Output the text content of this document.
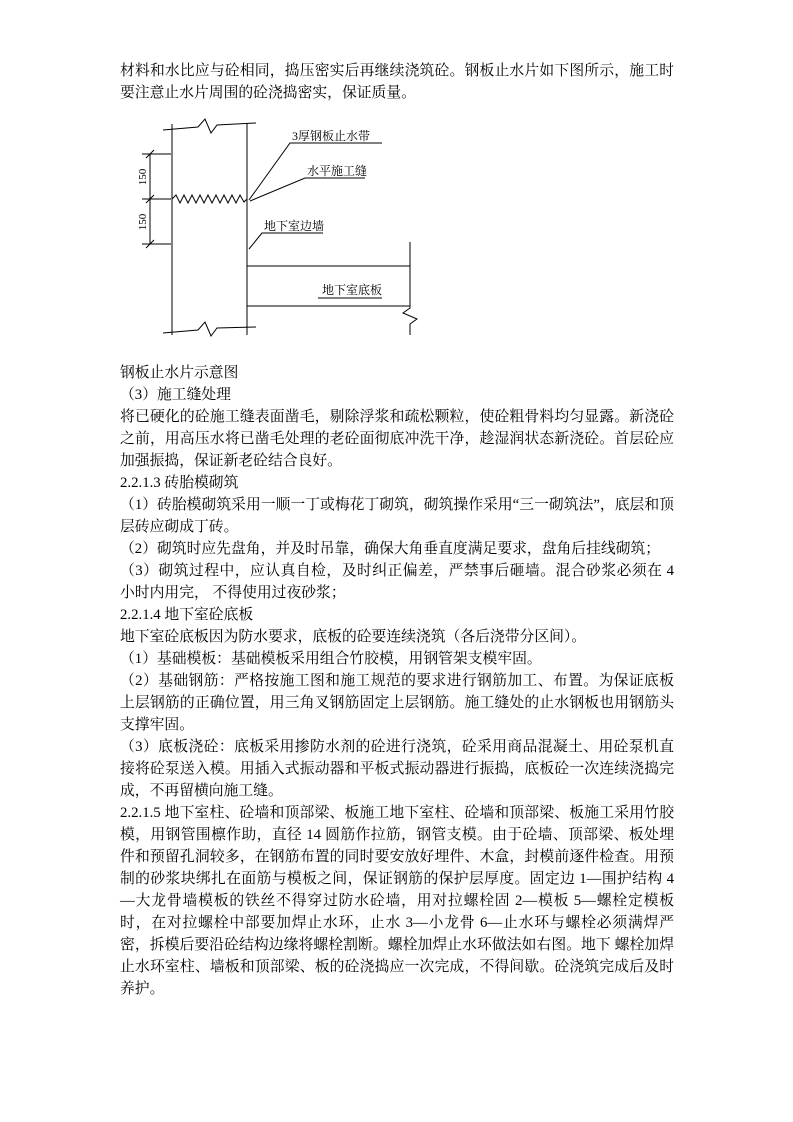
材料和水比应与砼相同，捣压密实后再继续浇筑砼。钢板止水片如下图所示，施工时要注意止水片周围的砼浇捣密实，保证质量。

3厚钢板止水带
水平施工缝
地下室边墙
地下室底板
150
150

钢板止水片示意图

（3）施工缝处理

将已硬化的砼施工缝表面凿毛，剔除浮浆和疏松颗粒，使砼粗骨料均匀显露。新浇砼之前，用高压水将已凿毛处理的老砼面彻底冲洗干净，趁湿润状态新浇砼。首层砼应加强振捣，保证新老砼结合良好。

2.2.1.3 砖胎模砌筑

（1）砖胎模砌筑采用一顺一丁或梅花丁砌筑，砌筑操作采用“三一砌筑法”，底层和顶层砖应砌成丁砖。

（2）砌筑时应先盘角，并及时吊靠，确保大角垂直度满足要求，盘角后挂线砌筑；

（3）砌筑过程中，应认真自检，及时纠正偏差，严禁事后砸墙。混合砂浆必须在 4 小时内用完， 不得使用过夜砂浆；

2.2.1.4 地下室砼底板

地下室砼底板因为防水要求，底板的砼要连续浇筑（各后浇带分区间）。

（1）基础模板：基础模板采用组合竹胶模，用钢管架支模牢固。

（2）基础钢筋：严格按施工图和施工规范的要求进行钢筋加工、布置。为保证底板上层钢筋的正确位置，用三角叉钢筋固定上层钢筋。施工缝处的止水钢板也用钢筋头支撑牢固。

（3）底板浇砼：底板采用掺防水剂的砼进行浇筑，砼采用商品混凝土、用砼泵机直接将砼泵送入模。用插入式振动器和平板式振动器进行振捣，底板砼一次连续浇捣完成，不再留横向施工缝。

2.2.1.5 地下室柱、砼墙和顶部梁、板施工地下室柱、砼墙和顶部梁、板施工采用竹胶模，用钢管围檩作助，直径 14 圆筋作拉筋，钢管支模。由于砼墙、顶部梁、板处埋件和预留孔洞较多，在钢筋布置的同时要安放好埋件、木盒，封模前逐件检查。用预制的砂浆块绑扎在面筋与模板之间，保证钢筋的保护层厚度。固定边 1—围护结构 4—大龙骨墙模板的铁丝不得穿过防水砼墙，用对拉螺栓固 2—模板 5—螺栓定模板时，在对拉螺栓中部要加焊止水环，止水 3—小龙骨 6—止水环与螺栓必须满焊严密，拆模后要沿砼结构边缘将螺栓割断。螺栓加焊止水环做法如右图。地下 螺栓加焊止水环室柱、墙板和顶部梁、板的砼浇捣应一次完成，不得间歇。砼浇筑完成后及时养护。
